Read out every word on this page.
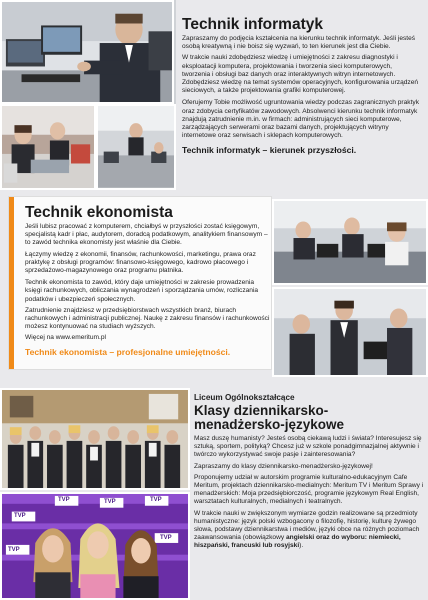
Technik informatyk

Zapraszamy do podjęcia kształcenia na kierunku technik informatyk. Jeśli jesteś osobą kreatywną i nie boisz się wyzwań, to ten kierunek jest dla Ciebie.

W trakcie nauki zdobędziesz wiedzę i umiejętności z zakresu diagnostyki i eksploatacji komputera, projektowania i tworzenia sieci komputerowych, tworzenia i obsługi baz danych oraz interaktywnych witryn internetowych. Zdobędziesz wiedzę na temat systemów operacyjnych, konfigurowania urządzeń sieciowych, a także projektowania grafiki komputerowej.

Oferujemy Tobie możliwość ugruntowania wiedzy podczas zagranicznych praktyk oraz zdobycia certyfikatów zawodowych. Absolwenci kierunku technik informatyk znajdują zatrudnienie m.in. w firmach: administrujących sieci komputerowe, zarządzających serwerami oraz bazami danych, projektujących witryny internetowe oraz serwisach i sklepach komputerowych.

Technik informatyk – kierunek przyszłości.
Technik ekonomista

Jeśli lubisz pracować z komputerem, chciałbyś w przyszłości zostać księgowym, specjalistą kadr i płac, audytorem, doradcą podatkowym, analitykiem finansowym – to zawód technika ekonomisty jest właśnie dla Ciebie.

Łączymy wiedzę z ekonomii, finansów, rachunkowości, marketingu, prawa oraz praktykę z obsługi programów: finansowo-księgowego, kadrowo płacowego i sprzedażowo-magazynowego oraz programu płatnika.

Technik ekonomista to zawód, który daje umiejętności w zakresie prowadzenia księgi rachunkowych, obliczania wynagrodzeń i sporządzania umów, rozliczania podatków i ubezpieczeń społecznych.

Zatrudnienie znajdziesz w przedsiębiorstwach wszystkich branż, biurach rachunkowych i administracji publicznej. Naukę z zakresu finansów i rachunkowości możesz kontynuować na studiach wyższych.

Więcej na www.emeritum.pl

Technik ekonomista – profesjonalne umiejętności.
TVP	TVP	TVP
TVP
TVP
TVP
Liceum Ogólnokształcące
Klasy dziennikarsko-
menadżersko-językowe

Masz duszę humanisty? Jesteś osobą ciekawą ludzi i świata? Interesujesz się sztuką, sportem, polityką? Chcesz już w szkole ponadgimnazjalnej aktywnie i twórczo wykorzystywać swoje pasje i zainteresowania?

Zapraszamy do klasy dziennikarsko-menadżersko-językowej!

Proponujemy udział w autorskim programie kulturalno-edukacyjnym Cafe Meritum, projektach dziennikarsko-medialnych: Meritum TV i Meritum Sprawy i menadżerskich: Moja przedsiębiorczość, programie językowym Real English, warsztatach kulturalnych, medialnych i teatralnych.

W trakcie nauki w zwiększonym wymiarze godzin realizowane są przedmioty humanistyczne: język polski wzbogacony o filozofię, historię, kulturę żywego słowa, podstawy dziennikarstwa i mediów, języki obce na różnych poziomach zaawansowania (obowiązkowy angielski oraz do wyboru: niemiecki, hiszpański, francuski lub rosyjski).
